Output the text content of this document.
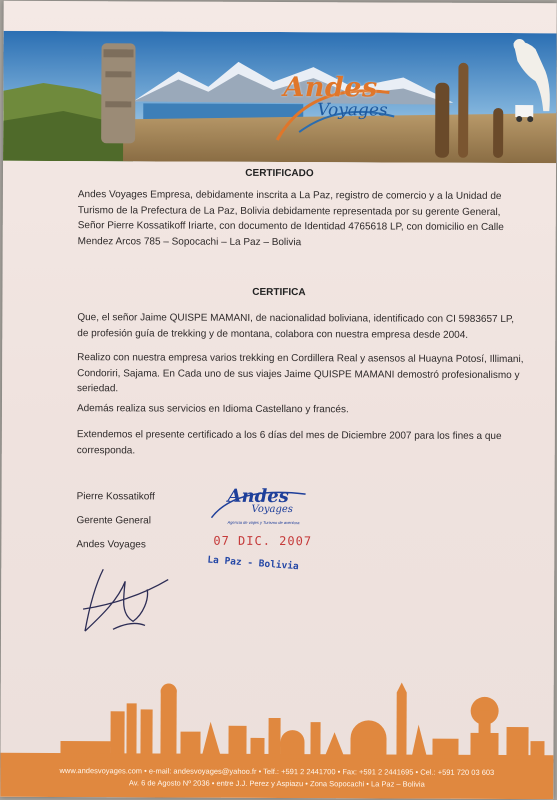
Andes
Voyages
CERTIFICADO
Andes Voyages Empresa, debidamente inscrita a La Paz, registro de comercio y a la Unidad de Turismo de la Prefectura de La Paz, Bolivia debidamente representada por su gerente General, Señor Pierre Kossatikoff Iriarte, con documento de Identidad 4765618 LP, con domicilio en Calle Mendez Arcos 785 – Sopocachi – La Paz – Bolivia
CERTIFICA
Que, el señor Jaime QUISPE MAMANI, de nacionalidad boliviana, identificado con CI 5983657 LP, de profesión guía de trekking y de montana, colabora con nuestra empresa desde 2004.
Realizo con nuestra empresa varios trekking en Cordillera Real y asensos al Huayna Potosí, Illimani, Condoriri, Sajama. En Cada uno de sus viajes Jaime QUISPE MAMANI demostró profesionalismo y seriedad.
Además realiza sus servicios en Idioma Castellano y francés.
Extendemos el presente certificado a los 6 días del mes de Diciembre 2007 para los fines a que corresponda.
Pierre Kossatikoff
Gerente General
Andes Voyages
Andes
Voyages
Agencia de viajes y Turismo de aventura
07 DIC. 2007
La Paz - Bolivia
www.andesvoyages.com • e-mail: andesvoyages@yahoo.fr • Telf.: +591 2 2441700 • Fax: +591 2 2441695 • Cel.: +591 720 03 603
Av. 6 de Agosto Nº 2036 • entre J.J. Perez y Aspiazu • Zona Sopocachi • La Paz – Bolivia
